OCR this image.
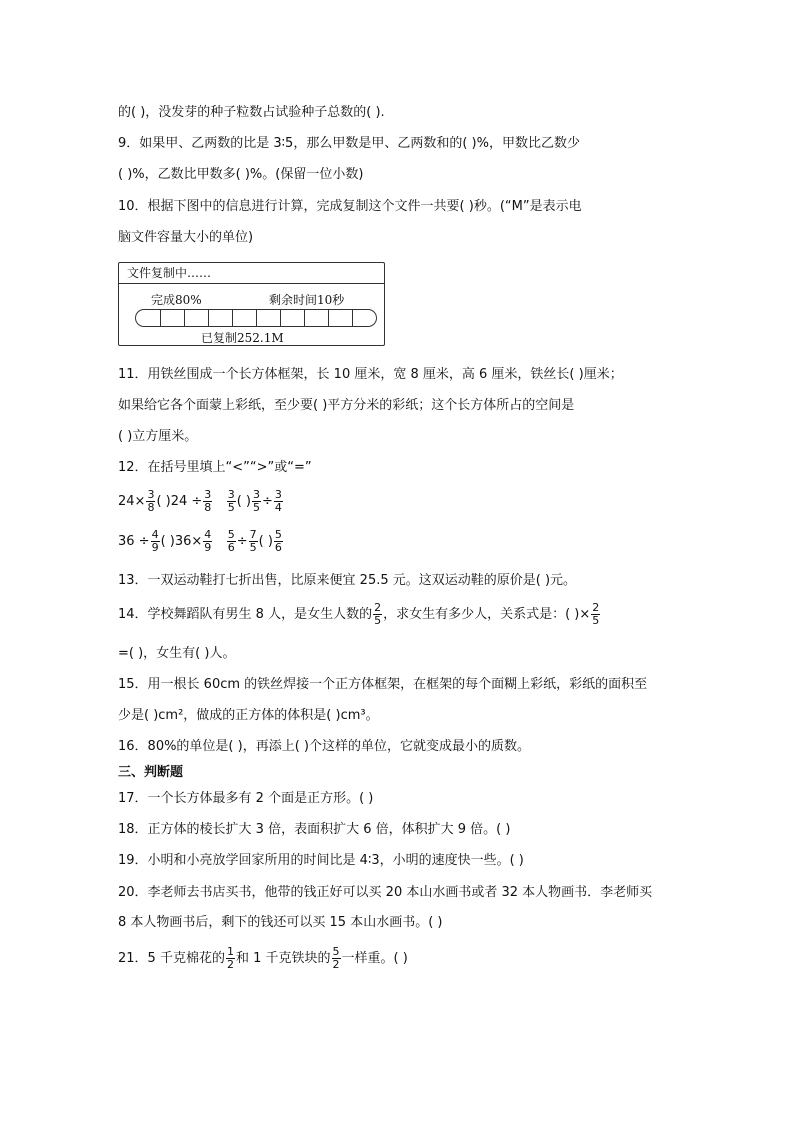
的( )，没发芽的种子粒数占试验种子总数的( ).
9．如果甲、乙两数的比是 3∶5，那么甲数是甲、乙两数和的( )%，甲数比乙数少
( )%，乙数比甲数多( )%。(保留一位小数)
10．根据下图中的信息进行计算，完成复制这个文件一共要( )秒。(“M”是表示电
脑文件容量大小的单位)
文件复制中……
完成80%	剩余时间10秒
已复制252.1M
11．用铁丝围成一个长方体框架，长 10 厘米，宽 8 厘米，高 6 厘米，铁丝长( )厘米；
如果给它各个面蒙上彩纸，至少要( )平方分米的彩纸；这个长方体所占的空间是
( )立方厘米。
12．在括号里填上“<”“>”或“=”
$24\times \frac{3}{8}$ ( )$24 \div \frac{3}{8}$
$\frac{3}{5}$ ( ) $\frac{3}{5} \div \frac{3}{4}$
$36 \div \frac{4}{9}$ ( )$36\times \frac{4}{9}$
$\frac{5}{6} \div \frac{7}{5}$ ( ) $\frac{5}{6}$
13．一双运动鞋打七折出售，比原来便宜 25.5 元。这双运动鞋的原价是( )元。
14．学校舞蹈队有男生 8 人，是女生人数的 $\frac{2}{5}$ ，求女生有多少人，关系式是：( )× $\frac{2}{5}$
=( )，女生有( )人。
15．用一根长 60cm 的铁丝焊接一个正方体框架，在框架的每个面糊上彩纸，彩纸的面积至
少是( )cm²，做成的正方体的体积是( )cm³。
16．80%的单位是( )，再添上( )个这样的单位，它就变成最小的质数。
三、判断题
17．一个长方体最多有 2 个面是正方形。( )
18．正方体的棱长扩大 3 倍，表面积扩大 6 倍，体积扩大 9 倍。( )
19．小明和小亮放学回家所用的时间比是 4∶3，小明的速度快一些。( )
20．李老师去书店买书，他带的钱正好可以买 20 本山水画书或者 32 本人物画书．李老师买
8 本人物画书后，剩下的钱还可以买 15 本山水画书。( )
21．5 千克棉花的 $\frac{1}{2}$ 和 1 千克铁块的 $\frac{5}{2}$ 一样重。( )
